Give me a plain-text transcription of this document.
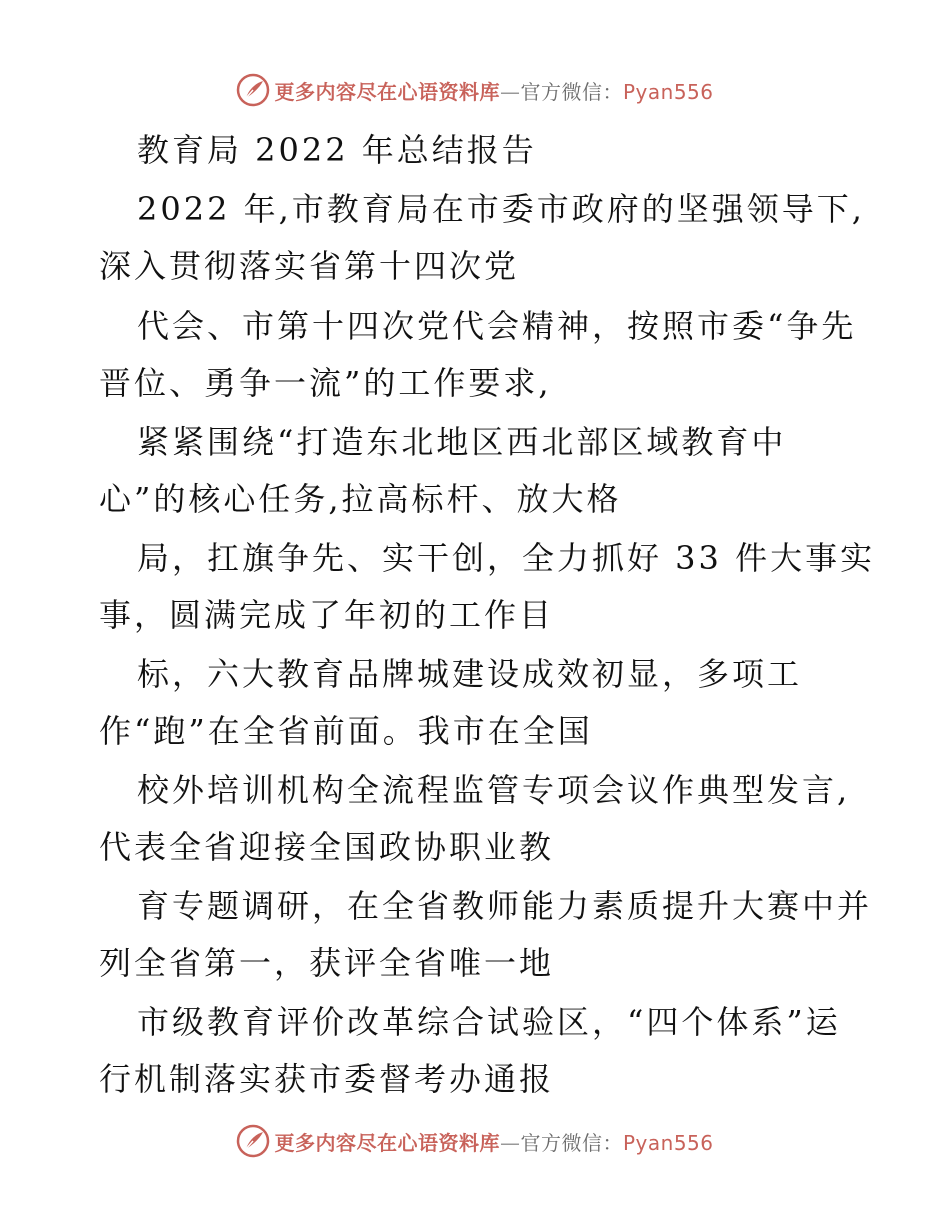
更多内容尽在心语资料库—官方微信：Pyan556
教育局 2022 年总结报告
2022 年,市教育局在市委市政府的坚强领导下,
深入贯彻落实省第十四次党
代会、市第十四次党代会精神，按照市委“争先
晋位、勇争一流”的工作要求,
紧紧围绕“打造东北地区西北部区域教育中
心”的核心任务,拉高标杆、放大格
局，扛旗争先、实干创，全力抓好 33 件大事实
事，圆满完成了年初的工作目
标，六大教育品牌城建设成效初显，多项工
作“跑”在全省前面。我市在全国
校外培训机构全流程监管专项会议作典型发言,
代表全省迎接全国政协职业教
育专题调研，在全省教师能力素质提升大赛中并
列全省第一，获评全省唯一地
市级教育评价改革综合试验区，“四个体系”运
行机制落实获市委督考办通报
更多内容尽在心语资料库—官方微信：Pyan556
